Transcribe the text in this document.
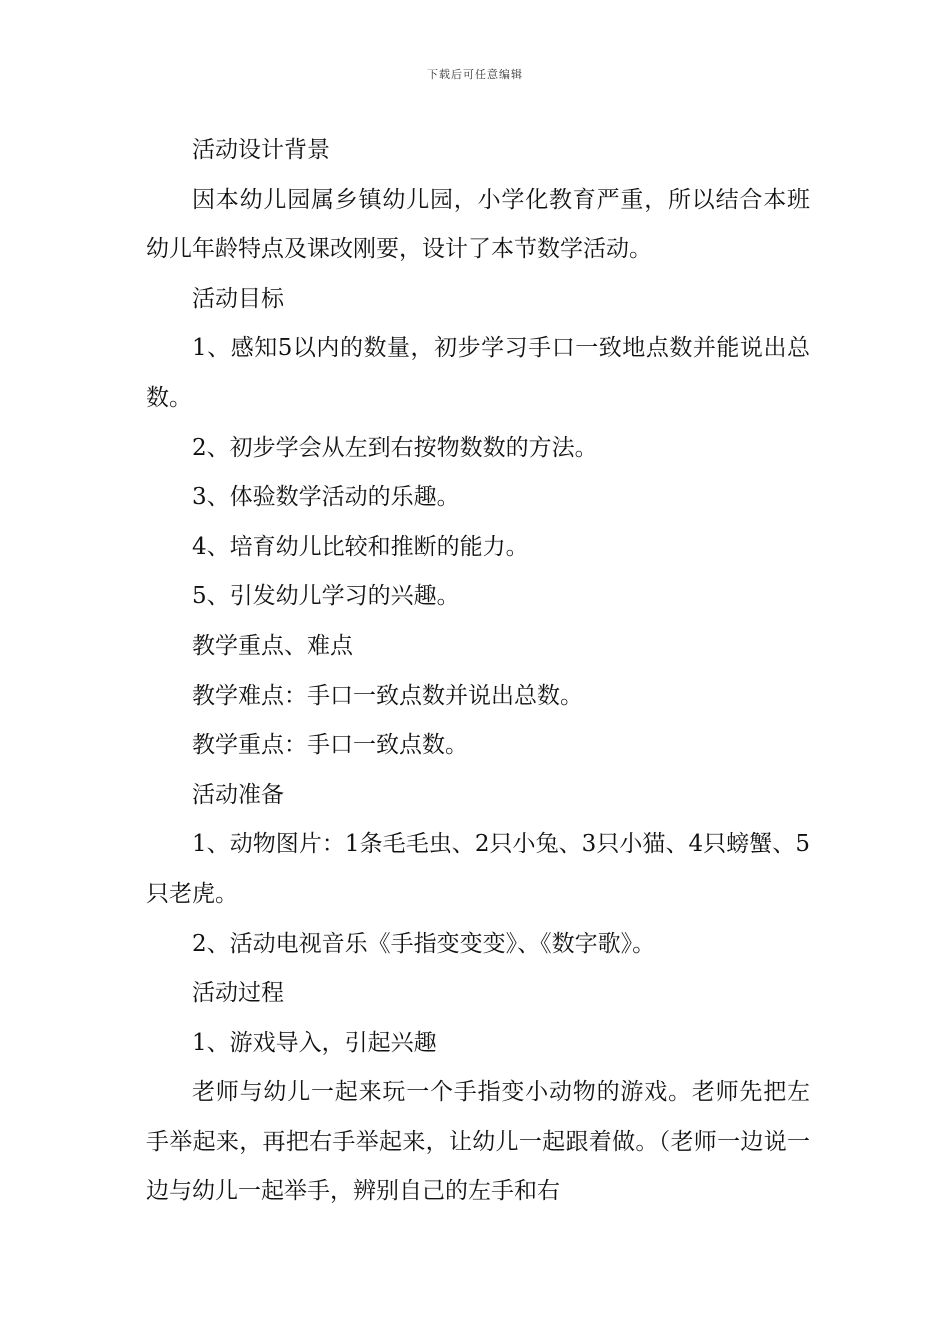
下载后可任意编辑

活动设计背景

因本幼儿园属乡镇幼儿园，小学化教育严重，所以结合本班幼儿年龄特点及课改刚要，设计了本节数学活动。

活动目标

1、感知5以内的数量，初步学习手口一致地点数并能说出总数。

2、初步学会从左到右按物数数的方法。

3、体验数学活动的乐趣。

4、培育幼儿比较和推断的能力。

5、引发幼儿学习的兴趣。

教学重点、难点

教学难点：手口一致点数并说出总数。

教学重点：手口一致点数。

活动准备

1、动物图片：1条毛毛虫、2只小兔、3只小猫、4只螃蟹、5只老虎。

2、活动电视音乐《手指变变变》、《数字歌》。

活动过程

1、游戏导入，引起兴趣

老师与幼儿一起来玩一个手指变小动物的游戏。老师先把左手举起来，再把右手举起来，让幼儿一起跟着做。（老师一边说一边与幼儿一起举手，辨别自己的左手和右
